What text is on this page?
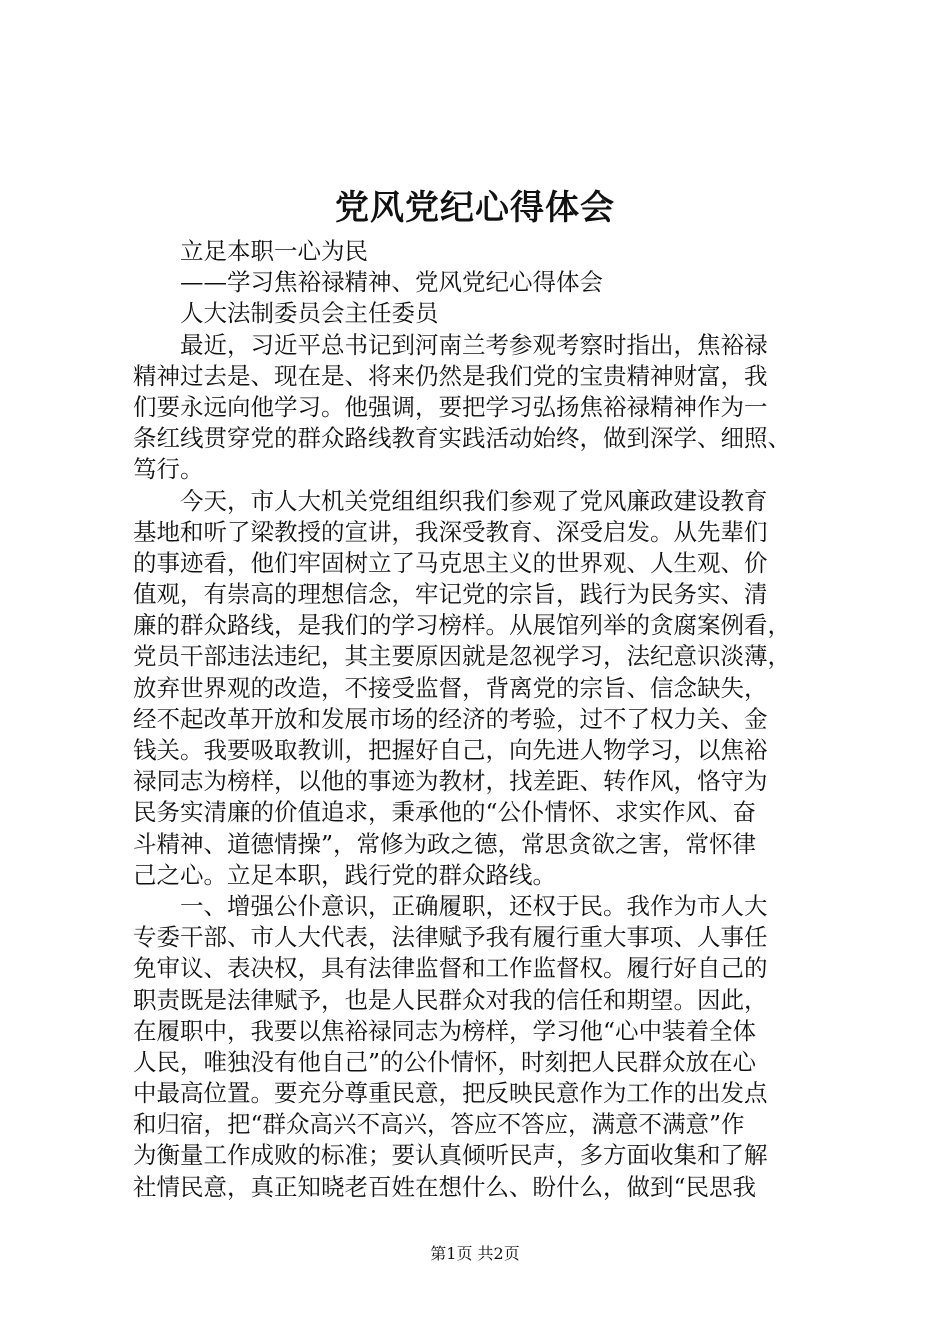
党风党纪心得体会
立足本职一心为民
——学习焦裕禄精神、党风党纪心得体会
人大法制委员会主任委员
最近，习近平总书记到河南兰考参观考察时指出，焦裕禄
精神过去是、现在是、将来仍然是我们党的宝贵精神财富，我
们要永远向他学习。他强调，要把学习弘扬焦裕禄精神作为一
条红线贯穿党的群众路线教育实践活动始终，做到深学、细照、
笃行。
今天，市人大机关党组组织我们参观了党风廉政建设教育
基地和听了梁教授的宣讲，我深受教育、深受启发。从先辈们
的事迹看，他们牢固树立了马克思主义的世界观、人生观、价
值观，有崇高的理想信念，牢记党的宗旨，践行为民务实、清
廉的群众路线，是我们的学习榜样。从展馆列举的贪腐案例看，
党员干部违法违纪，其主要原因就是忽视学习，法纪意识淡薄，
放弃世界观的改造，不接受监督，背离党的宗旨、信念缺失，
经不起改革开放和发展市场的经济的考验，过不了权力关、金
钱关。我要吸取教训，把握好自己，向先进人物学习，以焦裕
禄同志为榜样，以他的事迹为教材，找差距、转作风，恪守为
民务实清廉的价值追求，秉承他的“公仆情怀、求实作风、奋
斗精神、道德情操”，常修为政之德，常思贪欲之害，常怀律
己之心。立足本职，践行党的群众路线。
一、增强公仆意识，正确履职，还权于民。我作为市人大
专委干部、市人大代表，法律赋予我有履行重大事项、人事任
免审议、表决权，具有法律监督和工作监督权。履行好自己的
职责既是法律赋予，也是人民群众对我的信任和期望。因此，
在履职中，我要以焦裕禄同志为榜样，学习他“心中装着全体
人民，唯独没有他自己”的公仆情怀，时刻把人民群众放在心
中最高位置。要充分尊重民意，把反映民意作为工作的出发点
和归宿，把“群众高兴不高兴，答应不答应，满意不满意”作
为衡量工作成败的标准；要认真倾听民声，多方面收集和了解
社情民意，真正知晓老百姓在想什么、盼什么，做到“民思我
第1页 共2页
